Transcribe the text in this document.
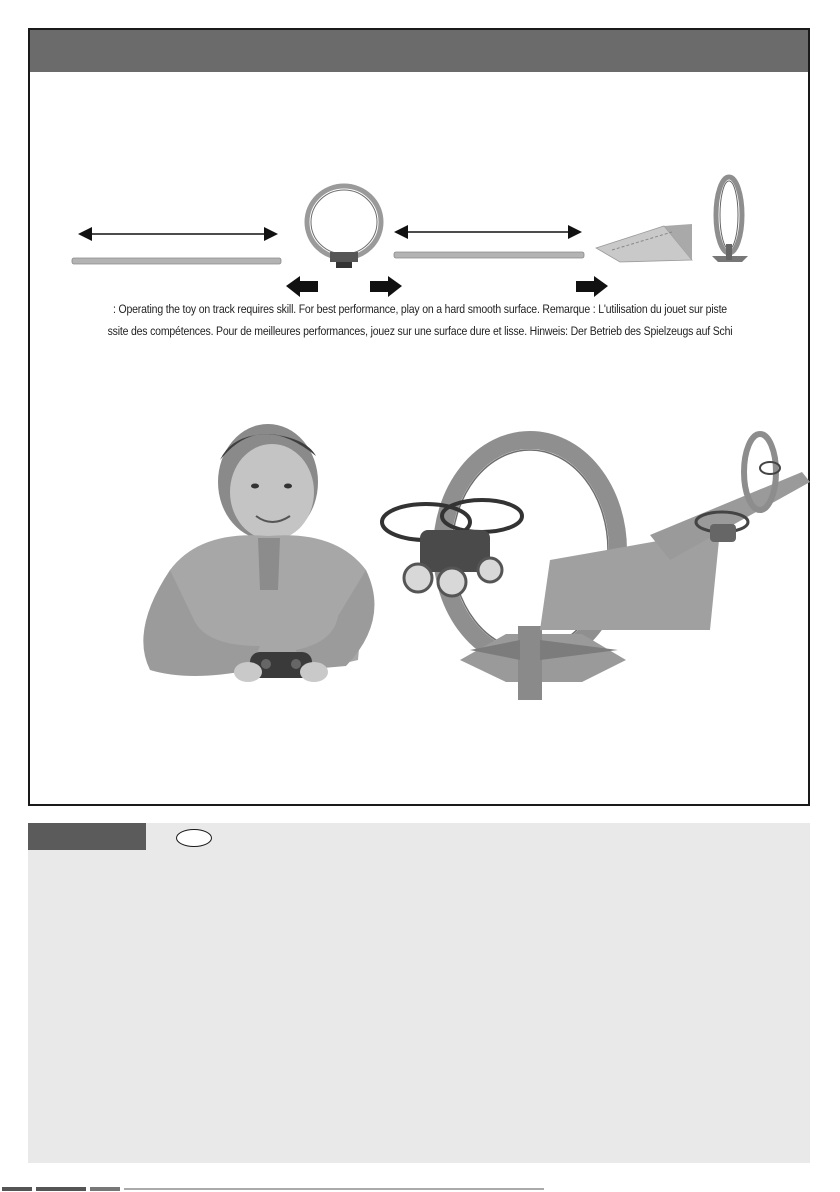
: Operating the toy on track requires skill. For best performance, play on a hard smooth surface. Remarque : L'utilisation du jouet sur piste
ssite des compétences. Pour de meilleures performances, jouez sur une surface dure et lisse. Hinweis: Der Betrieb des Spielzeugs auf Schi
